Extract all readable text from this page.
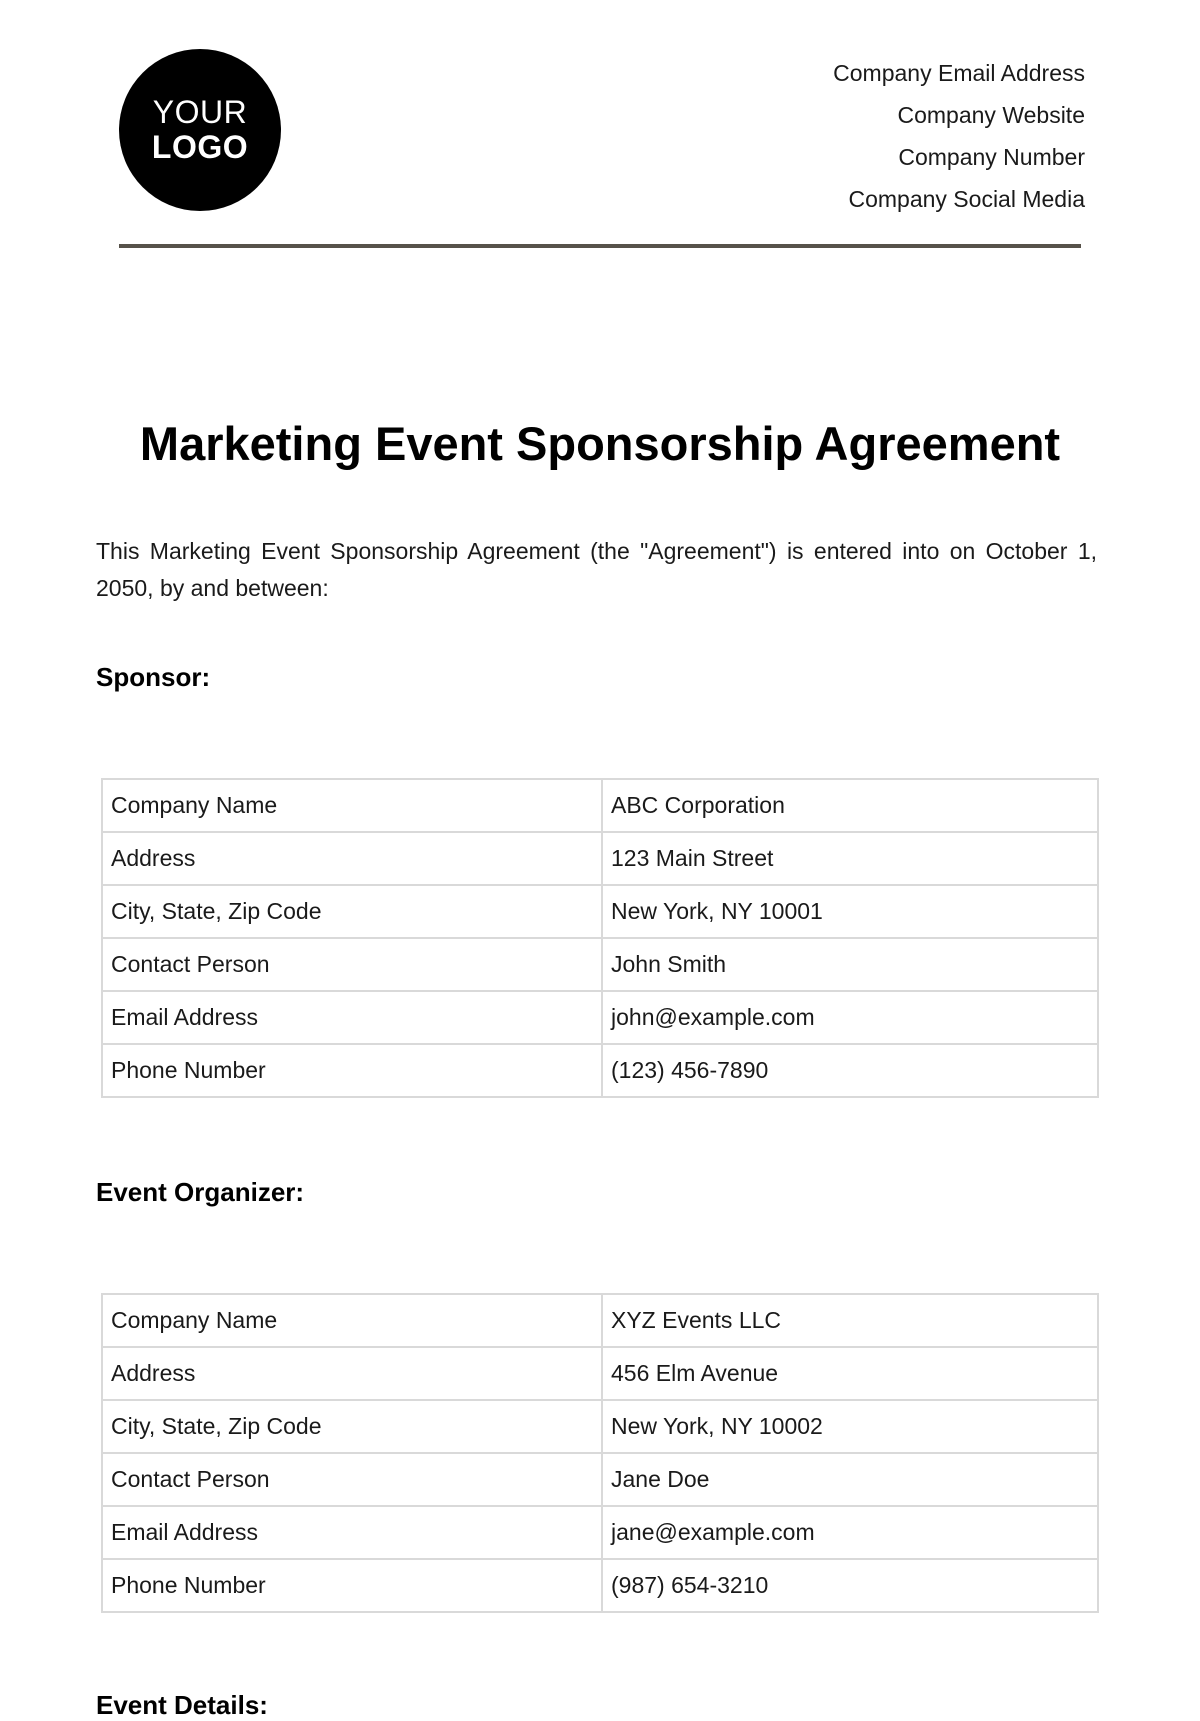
YOUR
LOGO
Company Email Address
Company Website
Company Number
Company Social Media
Marketing Event Sponsorship Agreement

This Marketing Event Sponsorship Agreement (the "Agreement") is entered into on October 1, 2050, by and between:

Sponsor:
Company Name	ABC Corporation
Address	123 Main Street
City, State, Zip Code	New York, NY 10001
Contact Person	John Smith
Email Address	john@example.com
Phone Number	(123) 456-7890
Event Organizer:
Company Name	XYZ Events LLC
Address	456 Elm Avenue
City, State, Zip Code	New York, NY 10002
Contact Person	Jane Doe
Email Address	jane@example.com
Phone Number	(987) 654-3210
Event Details:
